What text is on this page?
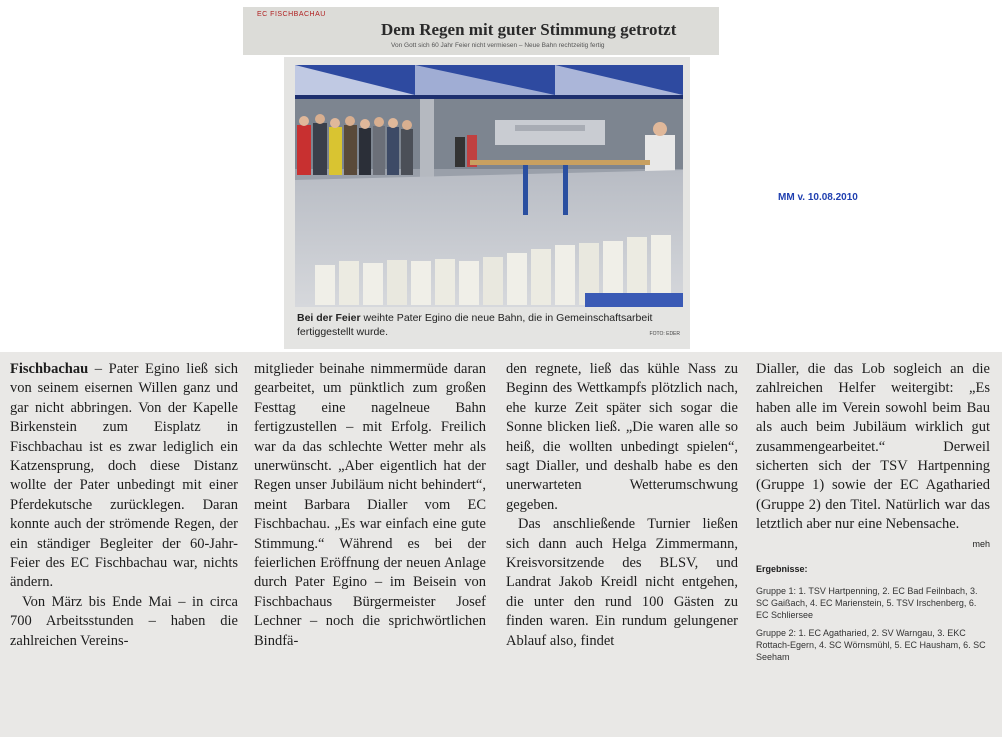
EC FISCHBACHAU
Dem Regen mit guter Stimmung getrotzt
Von Gott sich 60 Jahr Feier nicht vermiesen – Neue Bahn rechtzeitig fertig
Bei der Feier weihte Pater Egino die neue Bahn, die in Gemeinschaftsarbeit fertiggestellt wurde.	FOTO: EDER
MM v. 10.08.2010

Fischbachau – Pater Egino ließ sich von seinem eisernen Willen ganz und gar nicht abbringen. Von der Kapelle Birkenstein zum Eisplatz in Fischbachau ist es zwar lediglich ein Katzensprung, doch diese Distanz wollte der Pater unbedingt mit einer Pferdekutsche zurücklegen. Daran konnte auch der strömende Regen, der ein ständiger Begleiter der 60-Jahr-Feier des EC Fischbachau war, nichts ändern.

Von März bis Ende Mai – in circa 700 Arbeitsstunden – haben die zahlreichen Vereins-

mitglieder beinahe nimmermüde daran gearbeitet, um pünktlich zum großen Festtag eine nagelneue Bahn fertigzustellen – mit Erfolg. Freilich war da das schlechte Wetter mehr als unerwünscht. „Aber eigentlich hat der Regen unser Jubiläum nicht behindert“, meint Barbara Dialler vom EC Fischbachau. „Es war einfach eine gute Stimmung.“ Während es bei der feierlichen Eröffnung der neuen Anlage durch Pater Egino – im Beisein von Fischbachaus Bürgermeister Josef Lechner – noch die sprichwörtlichen Bindfä-

den regnete, ließ das kühle Nass zu Beginn des Wettkampfs plötzlich nach, ehe kurze Zeit später sich sogar die Sonne blicken ließ. „Die waren alle so heiß, die wollten unbedingt spielen“, sagt Dialler, und deshalb habe es den unerwarteten Wetterumschwung gegeben.

Das anschließende Turnier ließen sich dann auch Helga Zimmermann, Kreisvorsitzende des BLSV, und Landrat Jakob Kreidl nicht entgehen, die unter den rund 100 Gästen zu finden waren. Ein rundum gelungener Ablauf also, findet

Dialler, die das Lob sogleich an die zahlreichen Helfer weitergibt: „Es haben alle im Verein sowohl beim Bau als auch beim Jubiläum wirklich gut zusammengearbeitet.“ Derweil sicherten sich der TSV Hartpenning (Gruppe 1) sowie der EC Agatharied (Gruppe 2) den Titel. Natürlich war das letztlich aber nur eine Nebensache.

meh
Ergebnisse:

Gruppe 1: 1. TSV Hartpenning, 2. EC Bad Feilnbach, 3. SC Gaißach, 4. EC Marienstein, 5. TSV Irschenberg, 6. EC Schliersee

Gruppe 2: 1. EC Agatharied, 2. SV Warngau, 3. EKC Rottach-Egern, 4. SC Wörnsmühl, 5. EC Hausham, 6. SC Seeham
